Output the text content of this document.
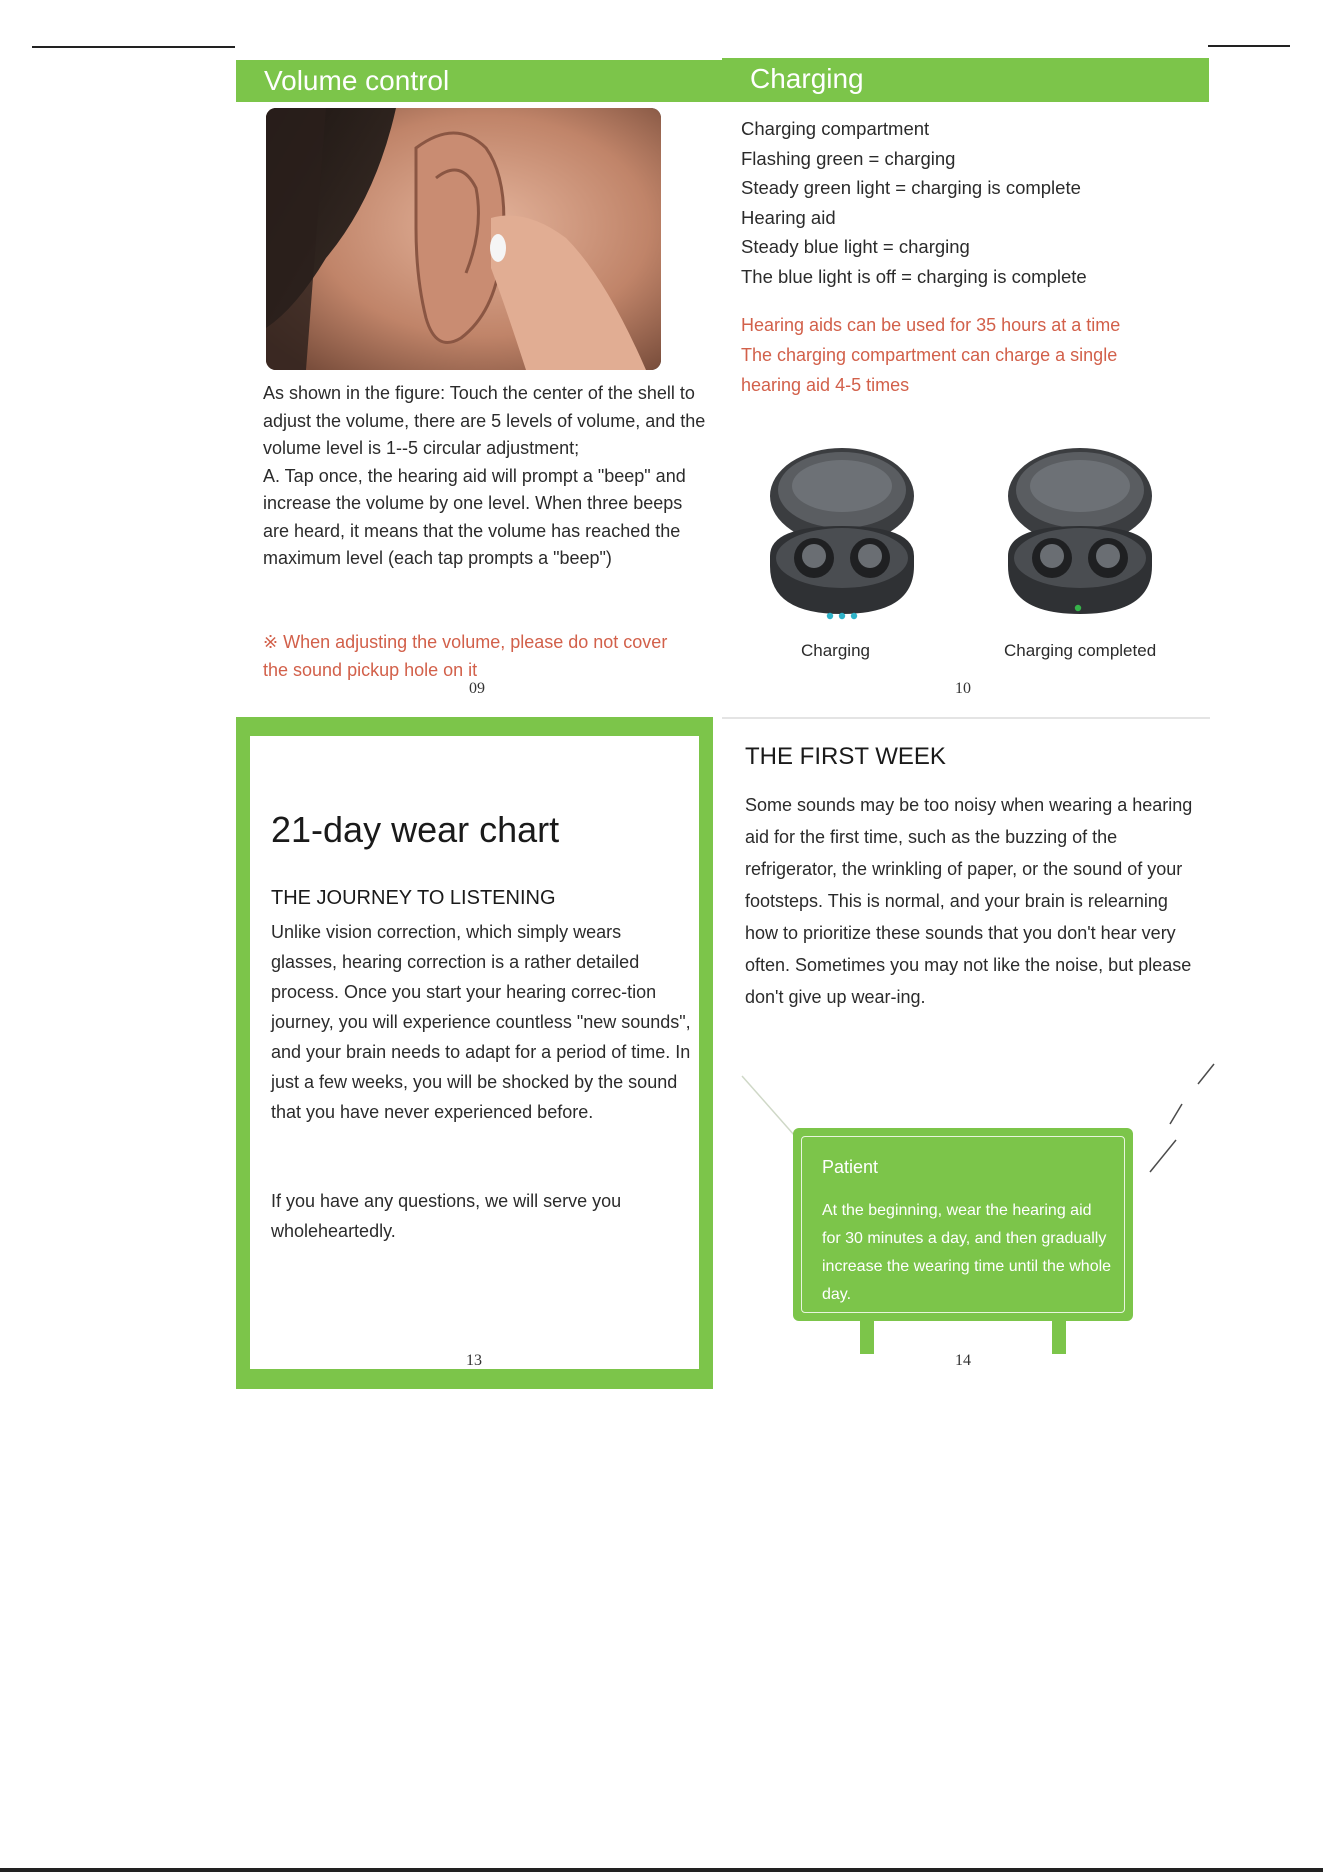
Volume control
As shown in the figure: Touch the center of the shell to adjust the volume, there are 5 levels of volume, and the volume level is 1--5 circular adjustment;
A. Tap once, the hearing aid will prompt a "beep" and increase the volume by one level. When three beeps are heard, it means that the volume has reached the maximum level (each tap prompts a "beep")
※ When adjusting the volume, please do not cover the sound pickup hole on it
09
Charging
Charging compartment
Flashing green = charging
Steady green light = charging is complete
Hearing aid
Steady blue light = charging
The blue light is off = charging is complete
Hearing aids can be used for 35 hours at a time
The charging compartment can charge a single
hearing aid 4-5 times
Charging	Charging completed
10
21-day wear chart
THE JOURNEY TO LISTENING
Unlike vision correction, which simply wears glasses, hearing correction is a rather detailed process. Once you start your hearing correc-tion journey, you will experience countless "new sounds", and your brain needs to adapt for a period of time. In just a few weeks, you will be shocked by the sound that you have never experienced before.
If you have any questions, we will serve you wholeheartedly.
13
THE FIRST WEEK
Some sounds may be too noisy when wearing a hearing aid for the first time, such as the buzzing of the refrigerator, the wrinkling of paper, or the sound of your footsteps. This is normal, and your brain is relearning how to prioritize these sounds that you don't hear very often. Sometimes you may not like the noise, but please don't give up wear-ing.
Patient
At the beginning, wear the hearing aid for 30 minutes a day, and then gradually increase the wearing time until the whole day.
14
